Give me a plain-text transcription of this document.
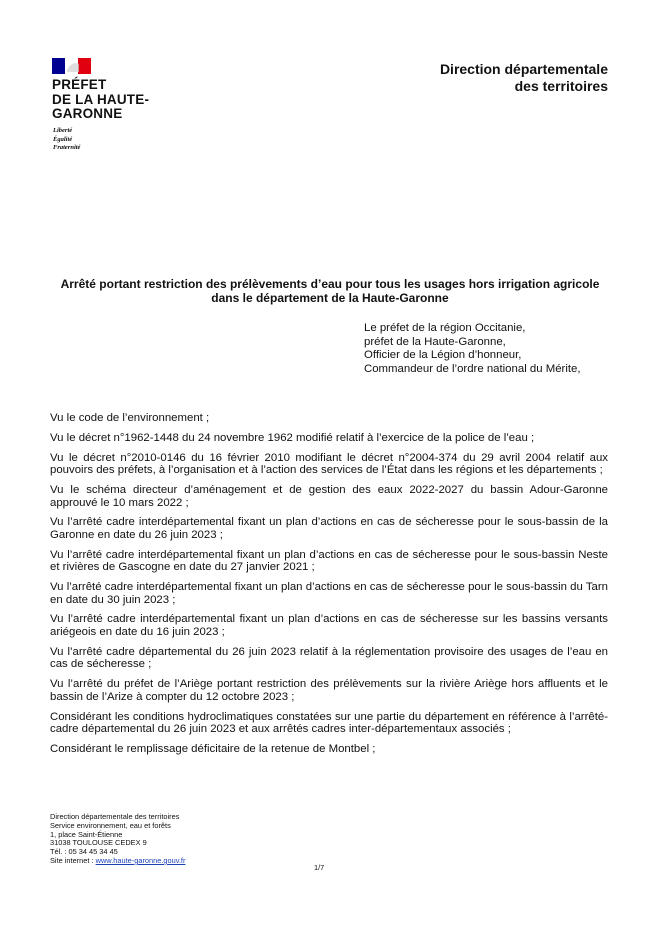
PRÉFET
DE LA HAUTE-
GARONNE
Liberté
Égalité
Fraternité
Direction départementale
des territoires
Arrêté portant restriction des prélèvements d’eau pour tous les usages hors irrigation agricole
dans le département de la Haute-Garonne
Le préfet de la région Occitanie,
préfet de la Haute-Garonne,
Officier de la Légion d’honneur,
Commandeur de l’ordre national du Mérite,

Vu le code de l’environnement ;

Vu le décret n°1962-1448 du 24 novembre 1962 modifié relatif à l’exercice de la police de l’eau ;

Vu le décret n°2010-0146 du 16 février 2010 modifiant le décret n°2004-374 du 29 avril 2004 relatif aux pouvoirs des préfets, à l’organisation et à l’action des services de l’État dans les régions et les départements ;

Vu le schéma directeur d’aménagement et de gestion des eaux 2022-2027 du bassin Adour-Garonne approuvé le 10 mars 2022 ;

Vu l’arrêté cadre interdépartemental fixant un plan d’actions en cas de sécheresse pour le sous-bassin de la Garonne en date du 26 juin 2023 ;

Vu l’arrêté cadre interdépartemental fixant un plan d’actions en cas de sécheresse pour le sous-bassin Neste et rivières de Gascogne en date du 27 janvier 2021 ;

Vu l’arrêté cadre interdépartemental fixant un plan d’actions en cas de sécheresse pour le sous-bassin du Tarn en date du 30 juin 2023 ;

Vu l’arrêté cadre interdépartemental fixant un plan d’actions en cas de sécheresse sur les bassins versants ariégeois en date du 16 juin 2023 ;

Vu l’arrêté cadre départemental du 26 juin 2023 relatif à la réglementation provisoire des usages de l’eau en cas de sécheresse ;

Vu l’arrêté du préfet de l’Ariège portant restriction des prélèvements sur la rivière Ariège hors affluents et le bassin de l’Arize à compter du 12 octobre 2023 ;

Considérant les conditions hydroclimatiques constatées sur une partie du département en référence à l’arrêté-cadre départemental du 26 juin 2023 et aux arrêtés cadres inter-départementaux associés ;

Considérant le remplissage déficitaire de la retenue de Montbel ;

Direction départementale des territoires
Service environnement, eau et forêts
1, place Saint-Étienne
31038 TOULOUSE CEDEX 9
Tél. : 05 34 45 34 45
Site internet : www.haute-garonne.gouv.fr
1/7
